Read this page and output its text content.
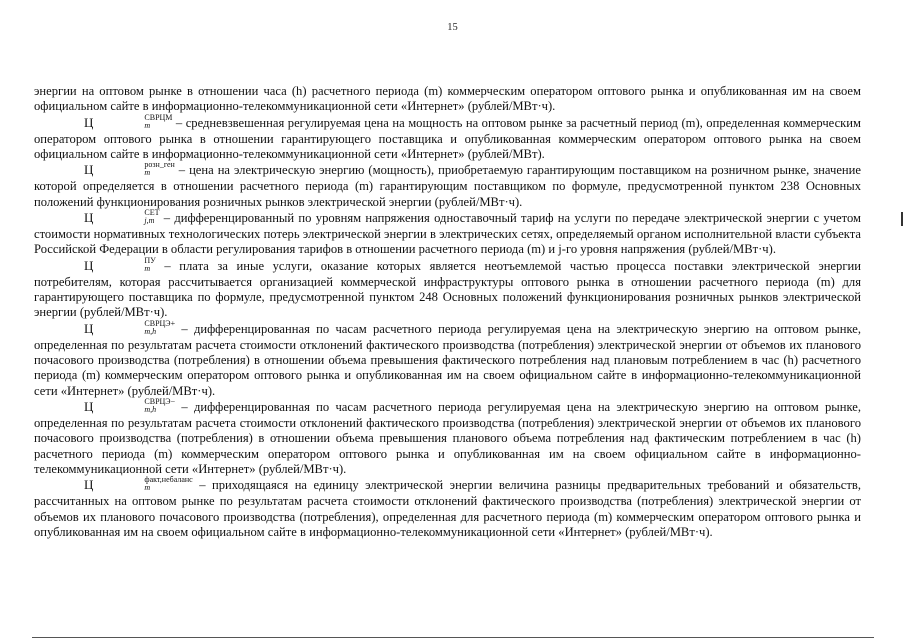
15

энергии на оптовом рынке в отношении часа (h) расчетного периода (m) коммерческим оператором оптового рынка и опубликованная им на своем официальном сайте в информационно-телекоммуникационной сети «Интернет» (рублей/МВт·ч).

Ц	СВРЦМ
m	– средневзвешенная регулируемая цена на мощность на оптовом рынке за расчетный период (m), определенная коммерческим оператором оптового рынка в отношении гарантирующего поставщика и опубликованная коммерческим оператором оптового рынка на своем официальном сайте в информационно-телекоммуникационной сети «Интернет» (рублей/МВт).

Ц	розн_ген
m	– цена на электрическую энергию (мощность), приобретаемую гарантирующим поставщиком на розничном рынке, значение которой определяется в отношении расчетного периода (m) гарантирующим поставщиком по формуле, предусмотренной пунктом 238 Основных положений функционирования розничных рынков электрической энергии (рублей/МВт·ч).

Ц	СЕТ
j,m – дифференцированный по уровням напряжения одноставочный тариф на услуги по передаче электрической энергии с учетом стоимости нормативных технологических потерь электрической энергии в электрических сетях, определяемый органом исполнительной власти субъекта Российской Федерации в области регулирования тарифов в отношении расчетного периода (m) и j-го уровня напряжения (рублей/МВт·ч).

Ц	ПУ
m – плата за иные услуги, оказание которых является неотъемлемой частью процесса поставки электрической энергии потребителям, которая рассчитывается организацией коммерческой инфраструктуры оптового рынка в отношении расчетного периода (m) для гарантирующего поставщика по формуле, предусмотренной пунктом 248 Основных положений функционирования розничных рынков электрической энергии (рублей/МВт·ч).

Ц	СВРЦЭ+
m,h	– дифференцированная по часам расчетного периода регулируемая цена на электрическую энергию на оптовом рынке, определенная по результатам расчета стоимости отклонений фактического производства (потребления) электрической энергии от объемов их планового почасового производства (потребления) в отношении объема превышения фактического потребления над плановым потреблением в час (h) расчетного периода (m) коммерческим оператором оптового рынка и опубликованная им на своем официальном сайте в информационно-телекоммуникационной сети «Интернет» (рублей/МВт·ч).

Ц	СВРЦЭ−
m,h	– дифференцированная по часам расчетного периода регулируемая цена на электрическую энергию на оптовом рынке, определенная по результатам расчета стоимости отклонений фактического производства (потребления) электрической энергии от объемов их планового почасового производства (потребления) в отношении объема превышения планового объема потребления над фактическим потреблением в час (h) расчетного периода (m) коммерческим оператором оптового рынка и опубликованная им на своем официальном сайте в информационно-телекоммуникационной сети «Интернет» (рублей/МВт·ч).

Ц	факт,небаланс
m	– приходящаяся на единицу электрической энергии величина разницы предварительных требований и обязательств, рассчитанных на оптовом рынке по результатам расчета стоимости отклонений фактического производства (потребления) электрической энергии от объемов их планового почасового производства (потребления), определенная для расчетного периода (m) коммерческим оператором оптового рынка и опубликованная им на своем официальном сайте в информационно-телекоммуникационной сети «Интернет» (рублей/МВт·ч).
